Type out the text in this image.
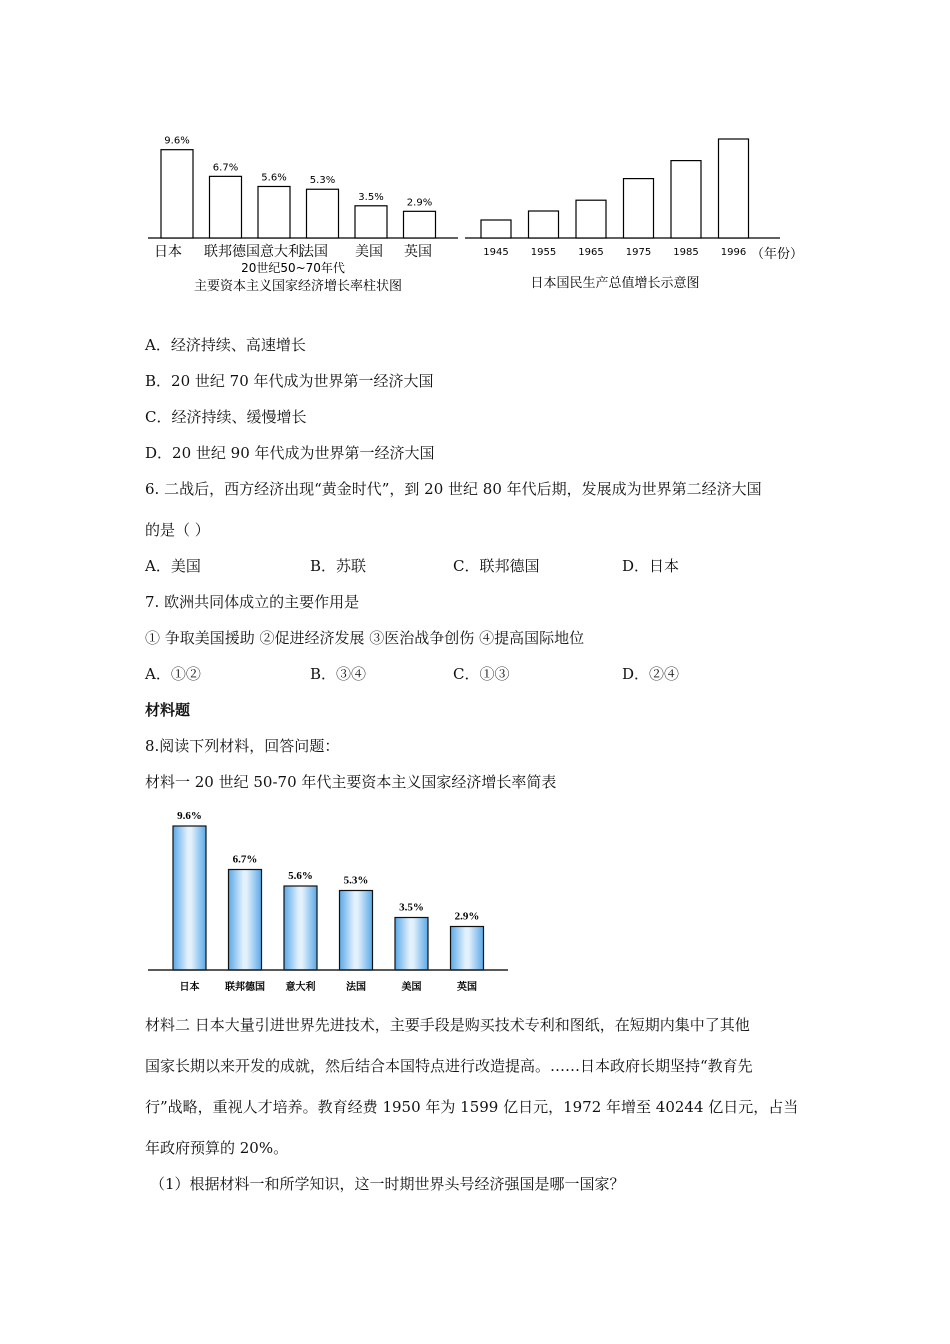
9.6%
日本
6.7%
联邦德国
5.6%
意大利
5.3%
法国
3.5%
美国
2.9%
英国
20世纪50~70年代
主要资本主义国家经济增长率柱状图
1945 1955 1965 1975 1985 1996 （年份）
日本国民生产总值增长示意图
A．经济持续、高速增长
B．20 世纪 70 年代成为世界第一经济大国
C．经济持续、缓慢增长
D．20 世纪 90 年代成为世界第一经济大国
6. 二战后，西方经济出现“黄金时代”，到 20 世纪 80 年代后期，发展成为世界第二经济大国
的是（ ）
A．美国	B．苏联	C．联邦德国	D．日本
7. 欧洲共同体成立的主要作用是
① 争取美国援助 ②促进经济发展 ③医治战争创伤 ④提高国际地位
A．①②	B．③④	C．①③	D．②④
材料题
8.阅读下列材料，回答问题：
材料一 20 世纪 50-70 年代主要资本主义国家经济增长率简表
9.6%
日本
6.7%
联邦德国
5.6%
意大利
5.3%
法国
3.5%
美国
2.9%
英国
材料二 日本大量引进世界先进技术，主要手段是购买技术专利和图纸，在短期内集中了其他
国家长期以来开发的成就，然后结合本国特点进行改造提高。……日本政府长期坚持“教育先
行”战略，重视人才培养。教育经费 1950 年为 1599 亿日元，1972 年增至 40244 亿日元，占当
年政府预算的 20%。
（1）根据材料一和所学知识，这一时期世界头号经济强国是哪一国家？
